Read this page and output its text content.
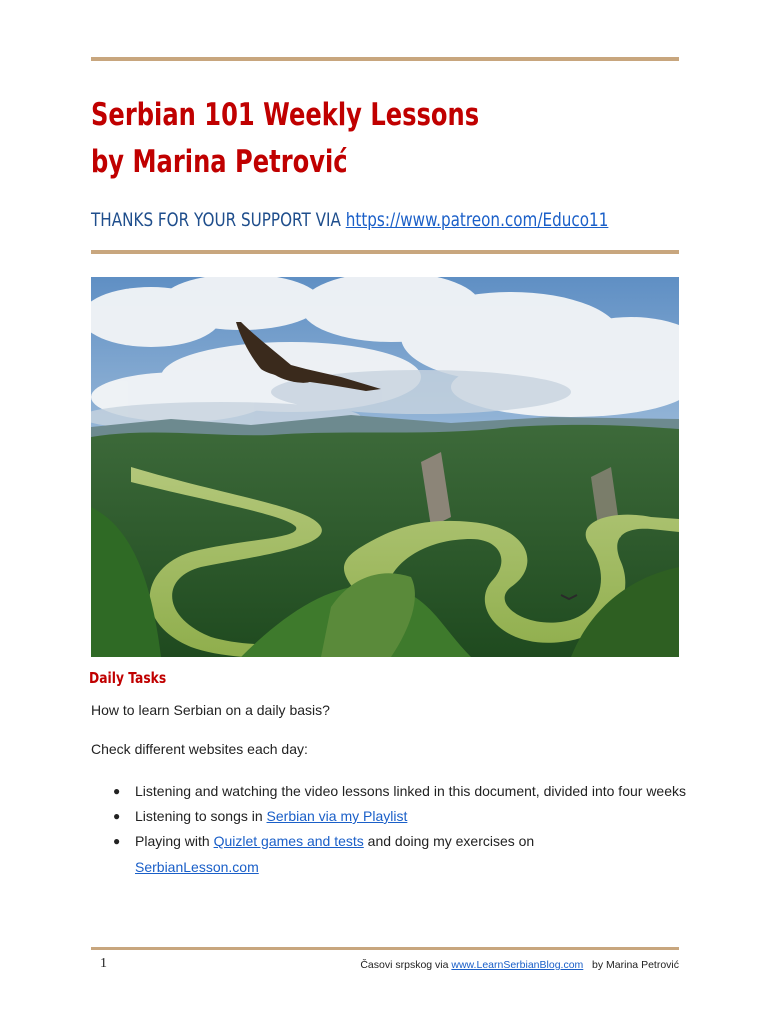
Serbian 101 Weekly Lessons
by Marina Petrović

THANKS FOR YOUR SUPPORT VIA https://www.patreon.com/Educo11

Daily Tasks

How to learn Serbian on a daily basis?

Check different websites each day:

● Listening and watching the video lessons linked in this document, divided into four weeks
● Listening to songs in Serbian via my Playlist
● Playing with Quizlet games and tests and doing my exercises on
SerbianLesson.com
1	Časovi srpskog via www.LearnSerbianBlog.com   by Marina Petrović
